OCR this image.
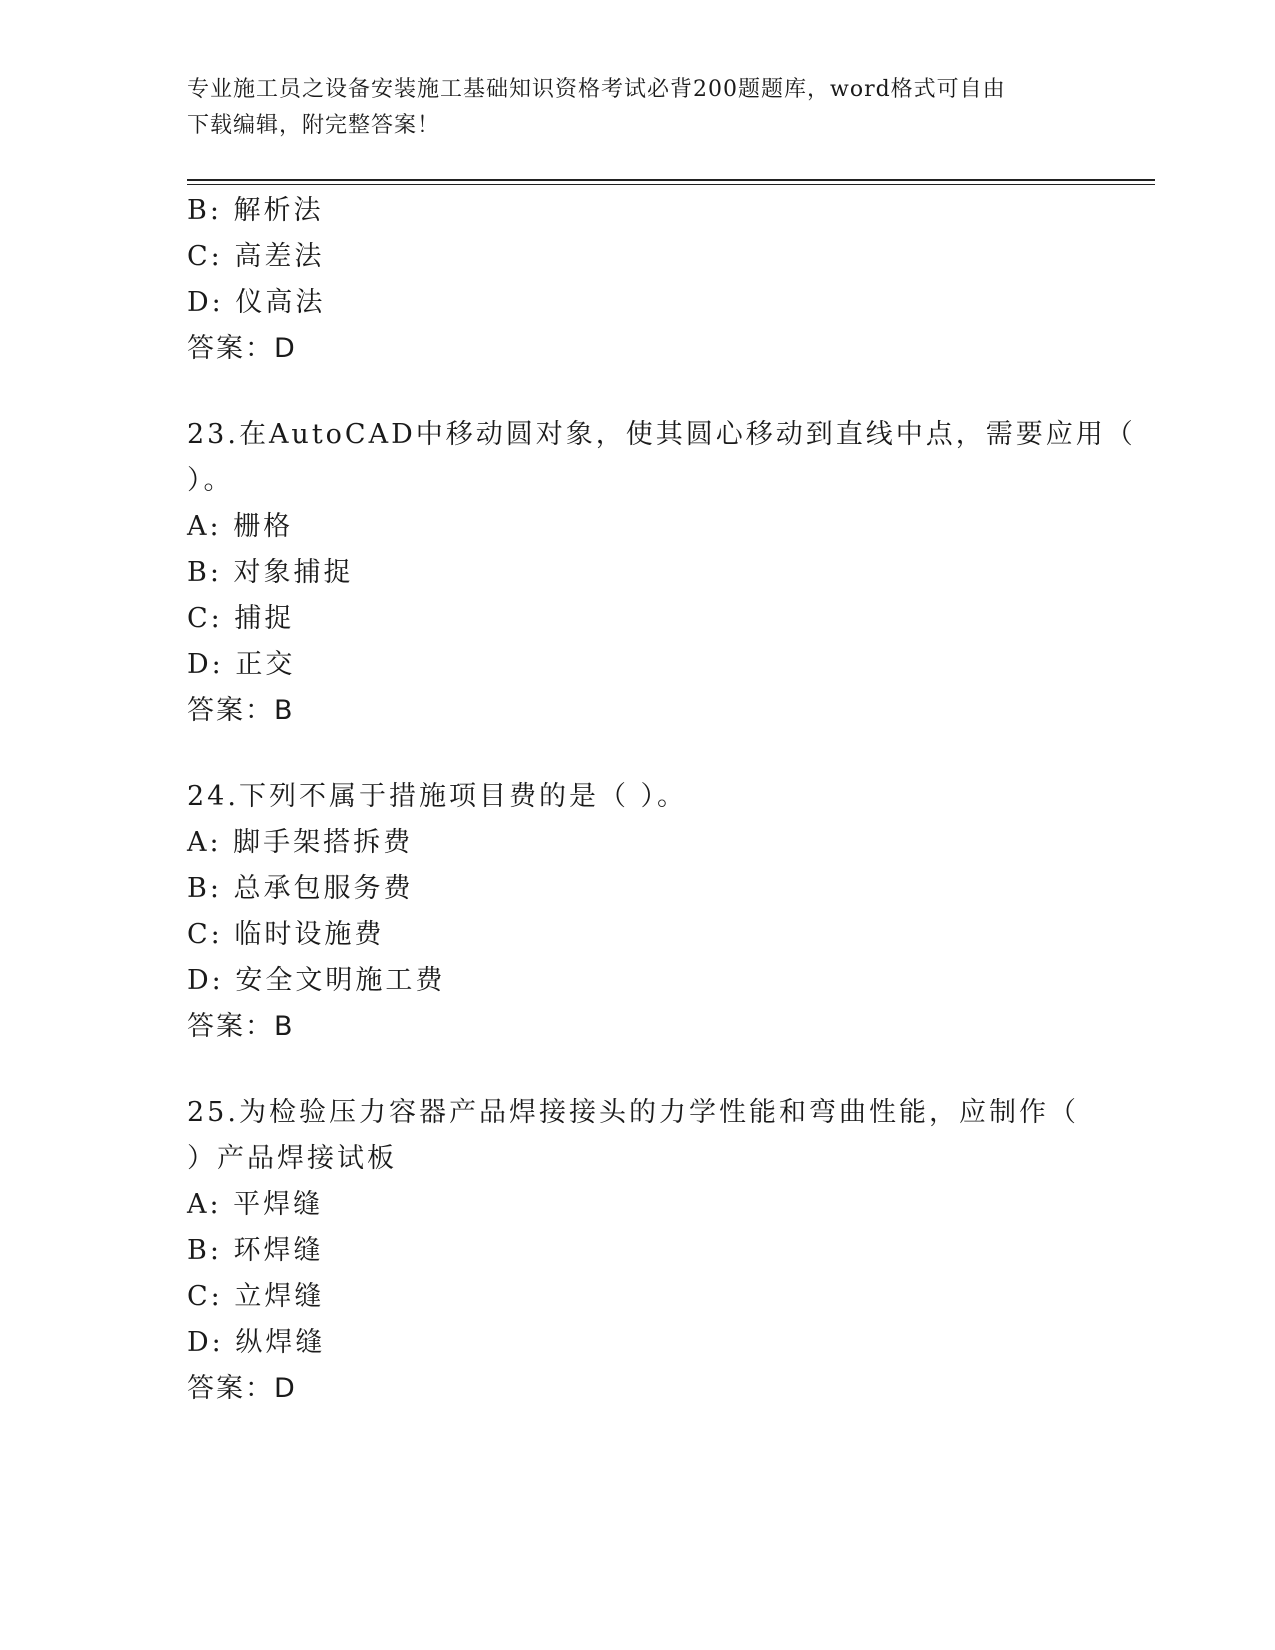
专业施工员之设备安装施工基础知识资格考试必背200题题库，word格式可自由
下载编辑，附完整答案！
B: 解析法
C: 高差法
D: 仪高法
答案：D
23.在AutoCAD中移动圆对象，使其圆心移动到直线中点，需要应用（
）。
A: 栅格
B: 对象捕捉
C: 捕捉
D: 正交
答案：B
24.下列不属于措施项目费的是（ ）。
A: 脚手架搭拆费
B: 总承包服务费
C: 临时设施费
D: 安全文明施工费
答案：B
25.为检验压力容器产品焊接接头的力学性能和弯曲性能，应制作（
）产品焊接试板
A: 平焊缝
B: 环焊缝
C: 立焊缝
D: 纵焊缝
答案：D
